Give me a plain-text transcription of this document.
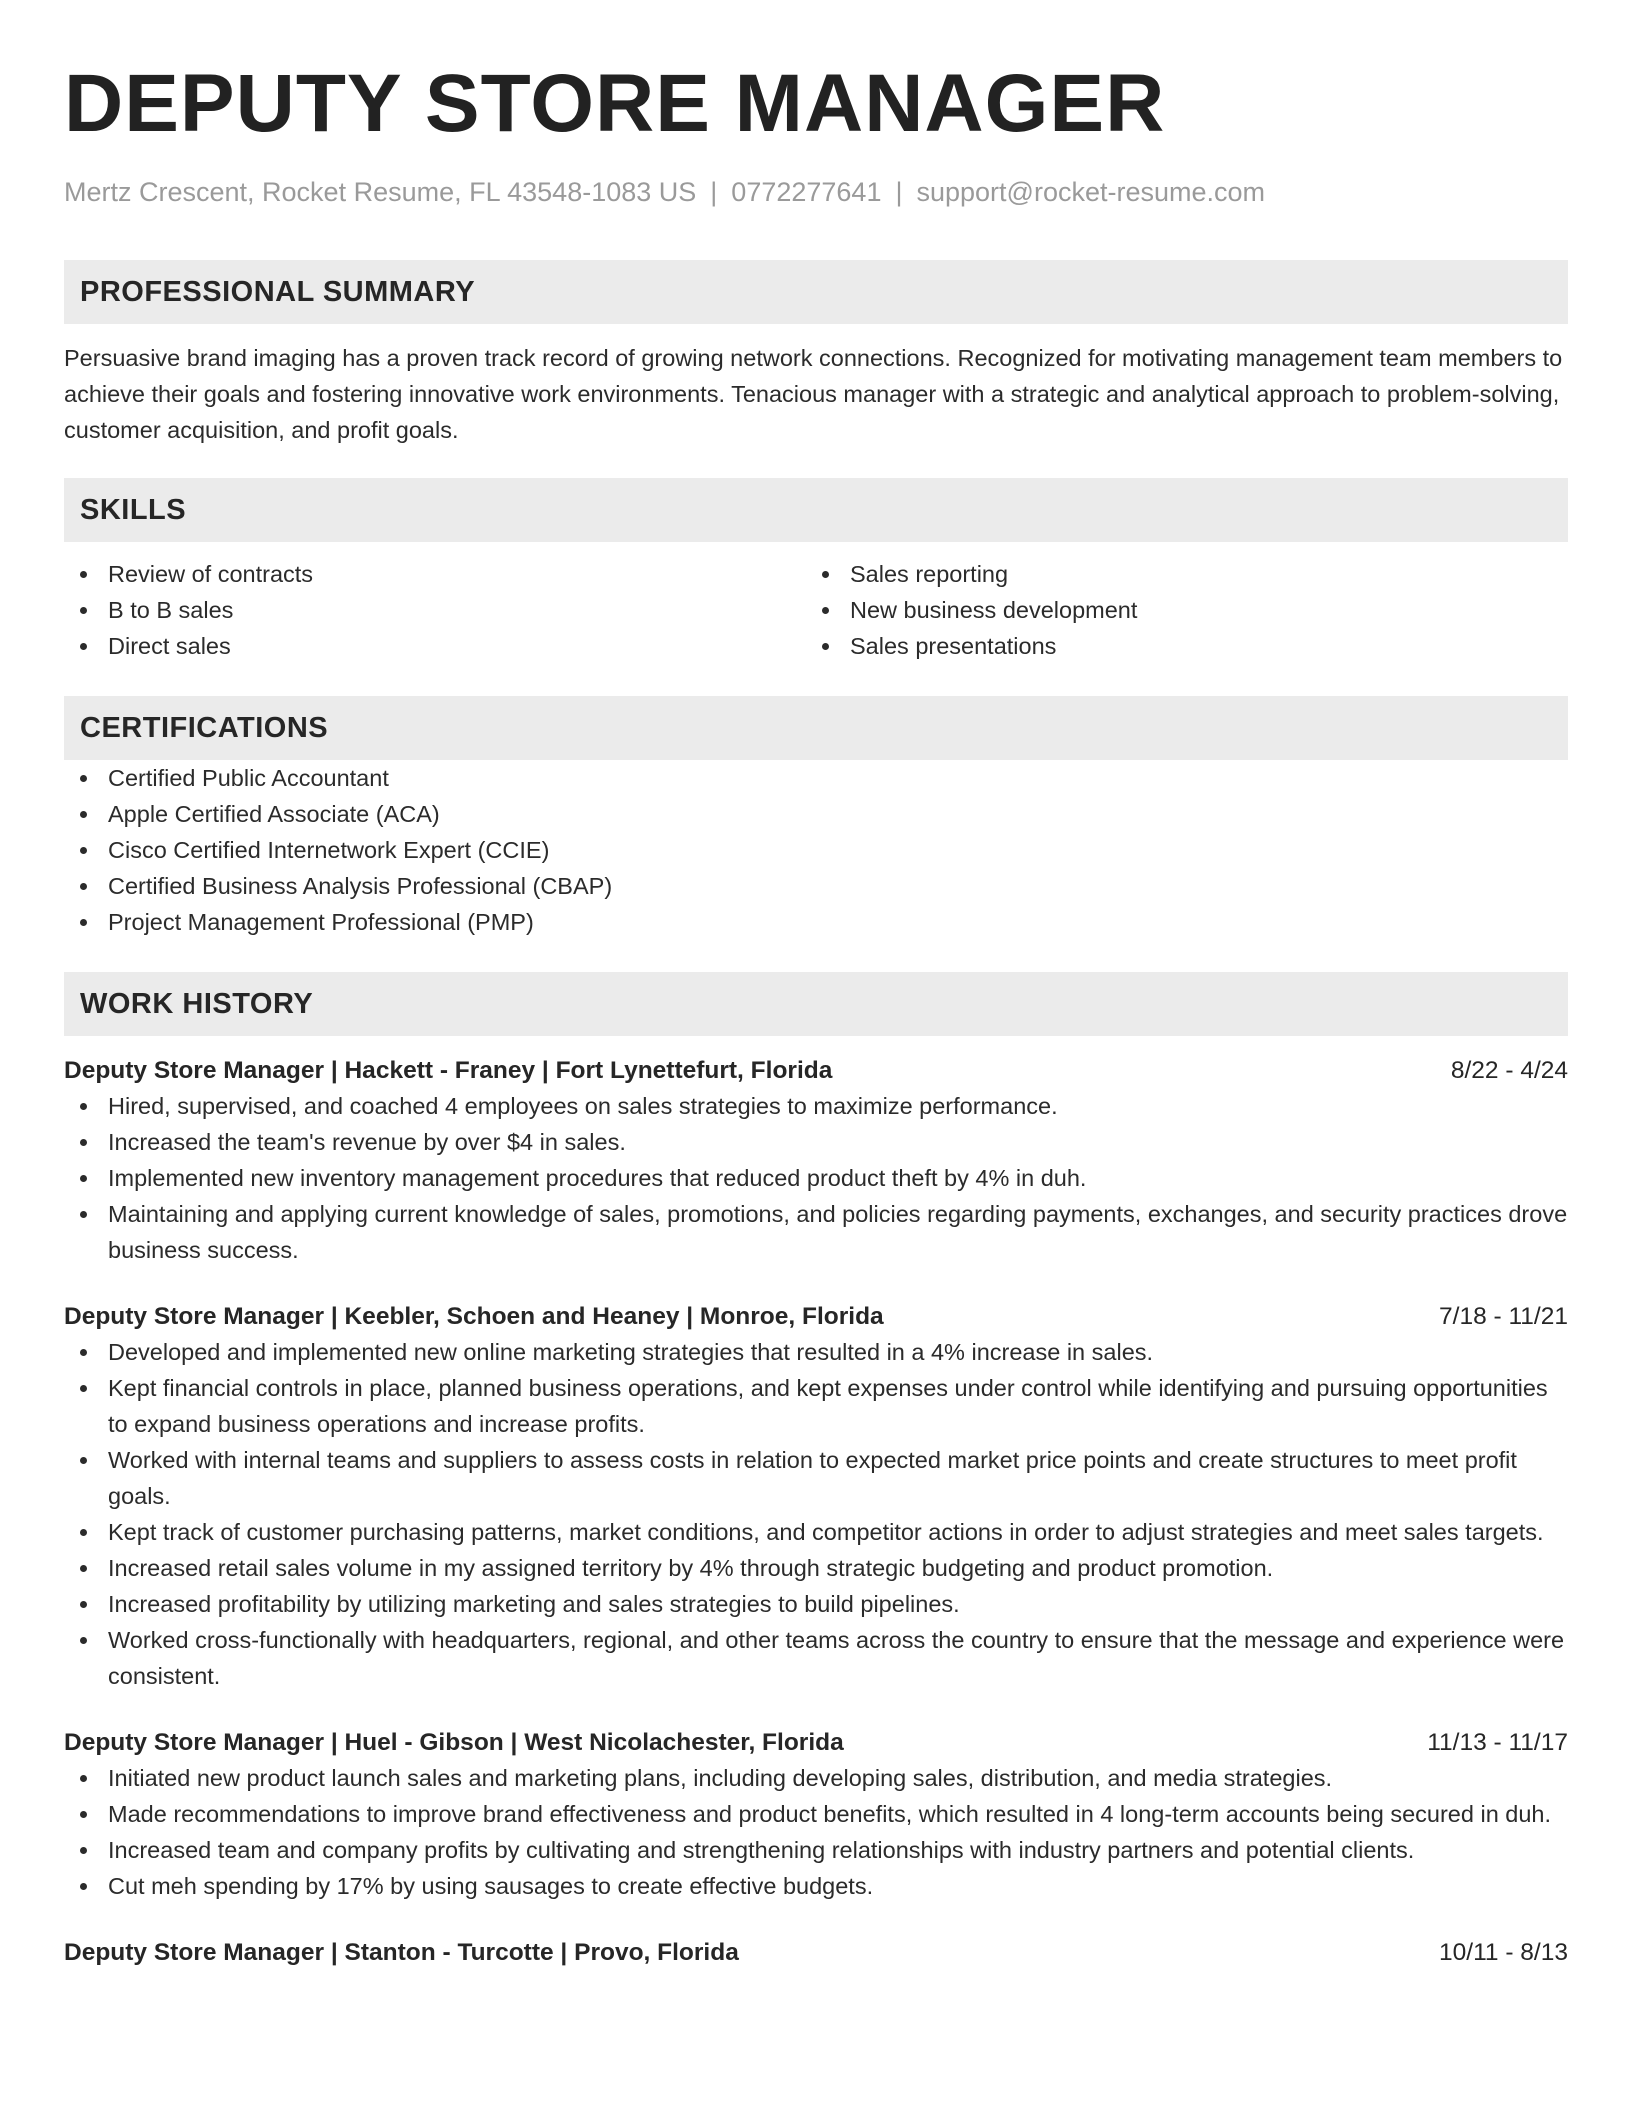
DEPUTY STORE MANAGER
Mertz Crescent, Rocket Resume, FL 43548-1083 US | 0772277641 | support@rocket-resume.com
PROFESSIONAL SUMMARY

Persuasive brand imaging has a proven track record of growing network connections. Recognized for motivating management team members to achieve their goals and fostering innovative work environments. Tenacious manager with a strategic and analytical approach to problem-solving, customer acquisition, and profit goals.

SKILLS
Review of contracts
B to B sales
Direct sales
Sales reporting
New business development
Sales presentations
CERTIFICATIONS
Certified Public Accountant
Apple Certified Associate (ACA)
Cisco Certified Internetwork Expert (CCIE)
Certified Business Analysis Professional (CBAP)
Project Management Professional (PMP)
WORK HISTORY
Deputy Store Manager | Hackett - Franey | Fort Lynettefurt, Florida	8/22 - 4/24
Hired, supervised, and coached 4 employees on sales strategies to maximize performance.
Increased the team's revenue by over $4 in sales.
Implemented new inventory management procedures that reduced product theft by 4% in duh.
Maintaining and applying current knowledge of sales, promotions, and policies regarding payments, exchanges, and security practices drove business success.
Deputy Store Manager | Keebler, Schoen and Heaney | Monroe, Florida	7/18 - 11/21
Developed and implemented new online marketing strategies that resulted in a 4% increase in sales.
Kept financial controls in place, planned business operations, and kept expenses under control while identifying and pursuing opportunities to expand business operations and increase profits.
Worked with internal teams and suppliers to assess costs in relation to expected market price points and create structures to meet profit goals.
Kept track of customer purchasing patterns, market conditions, and competitor actions in order to adjust strategies and meet sales targets.
Increased retail sales volume in my assigned territory by 4% through strategic budgeting and product promotion.
Increased profitability by utilizing marketing and sales strategies to build pipelines.
Worked cross-functionally with headquarters, regional, and other teams across the country to ensure that the message and experience were consistent.
Deputy Store Manager | Huel - Gibson | West Nicolachester, Florida	11/13 - 11/17
Initiated new product launch sales and marketing plans, including developing sales, distribution, and media strategies.
Made recommendations to improve brand effectiveness and product benefits, which resulted in 4 long-term accounts being secured in duh.
Increased team and company profits by cultivating and strengthening relationships with industry partners and potential clients.
Cut meh spending by 17% by using sausages to create effective budgets.
Deputy Store Manager | Stanton - Turcotte | Provo, Florida	10/11 - 8/13
